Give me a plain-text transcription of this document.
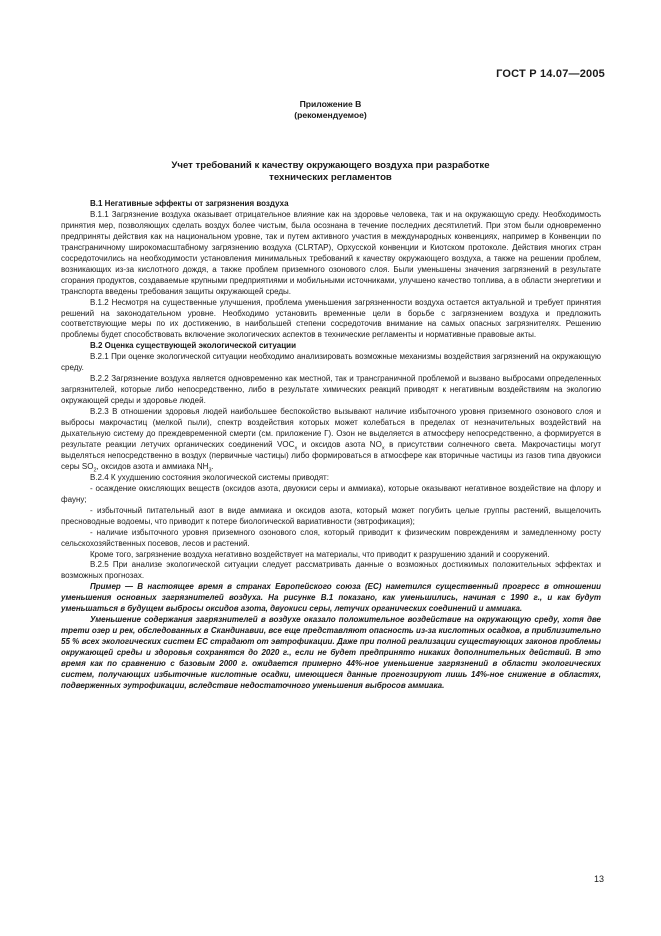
ГОСТ Р 14.07—2005
Приложение В
(рекомендуемое)
Учет требований к качеству окружающего воздуха при разработке
технических регламентов

В.1 Негативные эффекты от загрязнения воздуха

В.1.1 Загрязнение воздуха оказывает отрицательное влияние как на здоровье человека, так и на окружающую среду. Необходимость принятия мер, позволяющих сделать воздух более чистым, была осознана в течение последних десятилетий. При этом были одновременно предприняты действия как на национальном уровне, так и путем активного участия в международных конвенциях, например в Конвенции по трансграничному широкомасштабному загрязнению воздуха (CLRTAP), Орхусской конвенции и Киотском протоколе. Действия многих стран сосредоточились на необходимости установления минимальных требований к качеству окружающего воздуха, а также на решении проблем, возникающих из-за кислотного дождя, а также проблем приземного озонового слоя. Были уменьшены значения загрязнений в результате сгорания продуктов, создаваемые крупными предприятиями и мобильными источниками, улучшено качество топлива, а в области энергетики и транспорта введены требования защиты окружающей среды.

В.1.2 Несмотря на существенные улучшения, проблема уменьшения загрязненности воздуха остается актуальной и требует принятия решений на законодательном уровне. Необходимо установить временные цели в борьбе с загрязнением воздуха и предложить соответствующие меры по их достижению, в наибольшей степени сосредоточив внимание на самых опасных загрязнителях. Решению проблемы будет способствовать включение экологических аспектов в технические регламенты и нормативные правовые акты.

В.2 Оценка существующей экологической ситуации

В.2.1 При оценке экологической ситуации необходимо анализировать возможные механизмы воздействия загрязнений на окружающую среду.

В.2.2 Загрязнение воздуха является одновременно как местной, так и трансграничной проблемой и вызвано выбросами определенных загрязнителей, которые либо непосредственно, либо в результате химических реакций приводят к негативным воздействиям на экологию окружающей среды и здоровье людей.

В.2.3 В отношении здоровья людей наибольшее беспокойство вызывают наличие избыточного уровня приземного озонового слоя и выбросы макрочастиц (мелкой пыли), спектр воздействия которых может колебаться в пределах от незначительных воздействий на дыхательную систему до преждевременной смерти (см. приложение Г). Озон не выделяется в атмосферу непосредственно, а формируется в результате реакции летучих органических соединений $VOC_x$ и оксидов азота $NO_x$ в присутствии солнечного света. Макрочастицы могут выделяться непосредственно в воздух (первичные частицы) либо формироваться в атмосфере как вторичные частицы из газов типа двуокиси серы $SO_2$, оксидов азота и аммиака $NH_3$.

В.2.4 К ухудшению состояния экологической системы приводят:

- осаждение окисляющих веществ (оксидов азота, двуокиси серы и аммиака), которые оказывают негативное воздействие на флору и фауну;

- избыточный питательный азот в виде аммиака и оксидов азота, который может погубить целые группы растений, выщелочить пресноводные водоемы, что приводит к потере биологической вариативности (эвтрофикация);

- наличие избыточного уровня приземного озонового слоя, который приводит к физическим повреждениям и замедленному росту сельскохозяйственных посевов, лесов и растений.

Кроме того, загрязнение воздуха негативно воздействует на материалы, что приводит к разрушению зданий и сооружений.

В.2.5 При анализе экологической ситуации следует рассматривать данные о возможных достижимых положительных эффектах и возможных прогнозах.

Пример — В настоящее время в странах Европейского союза (ЕС) наметился существенный прогресс в отношении уменьшения основных загрязнителей воздуха. На рисунке В.1 показано, как уменьшились, начиная с 1990 г., и как будут уменьшаться в будущем выбросы оксидов азота, двуокиси серы, летучих органических соединений и аммиака.

Уменьшение содержания загрязнителей в воздухе оказало положительное воздействие на окружающую среду, хотя две трети озер и рек, обследованных в Скандинавии, все еще представляют опасность из-за кислотных осадков, в приблизительно 55 % всех экологических систем ЕС страдают от эвтрофикации. Даже при полной реализации существующих законов проблемы окружающей среды и здоровья сохранятся до 2020 г., если не будет предпринято никаких дополнительных действий. В это время как по сравнению с базовым 2000 г. ожидается примерно 44%-ное уменьшение загрязнений в области экологических систем, получающих избыточные кислотные осадки, имеющиеся данные прогнозируют лишь 14%-ное снижение в областях, подверженных эутрофикации, вследствие недостаточного уменьшения выбросов аммиака.

13
